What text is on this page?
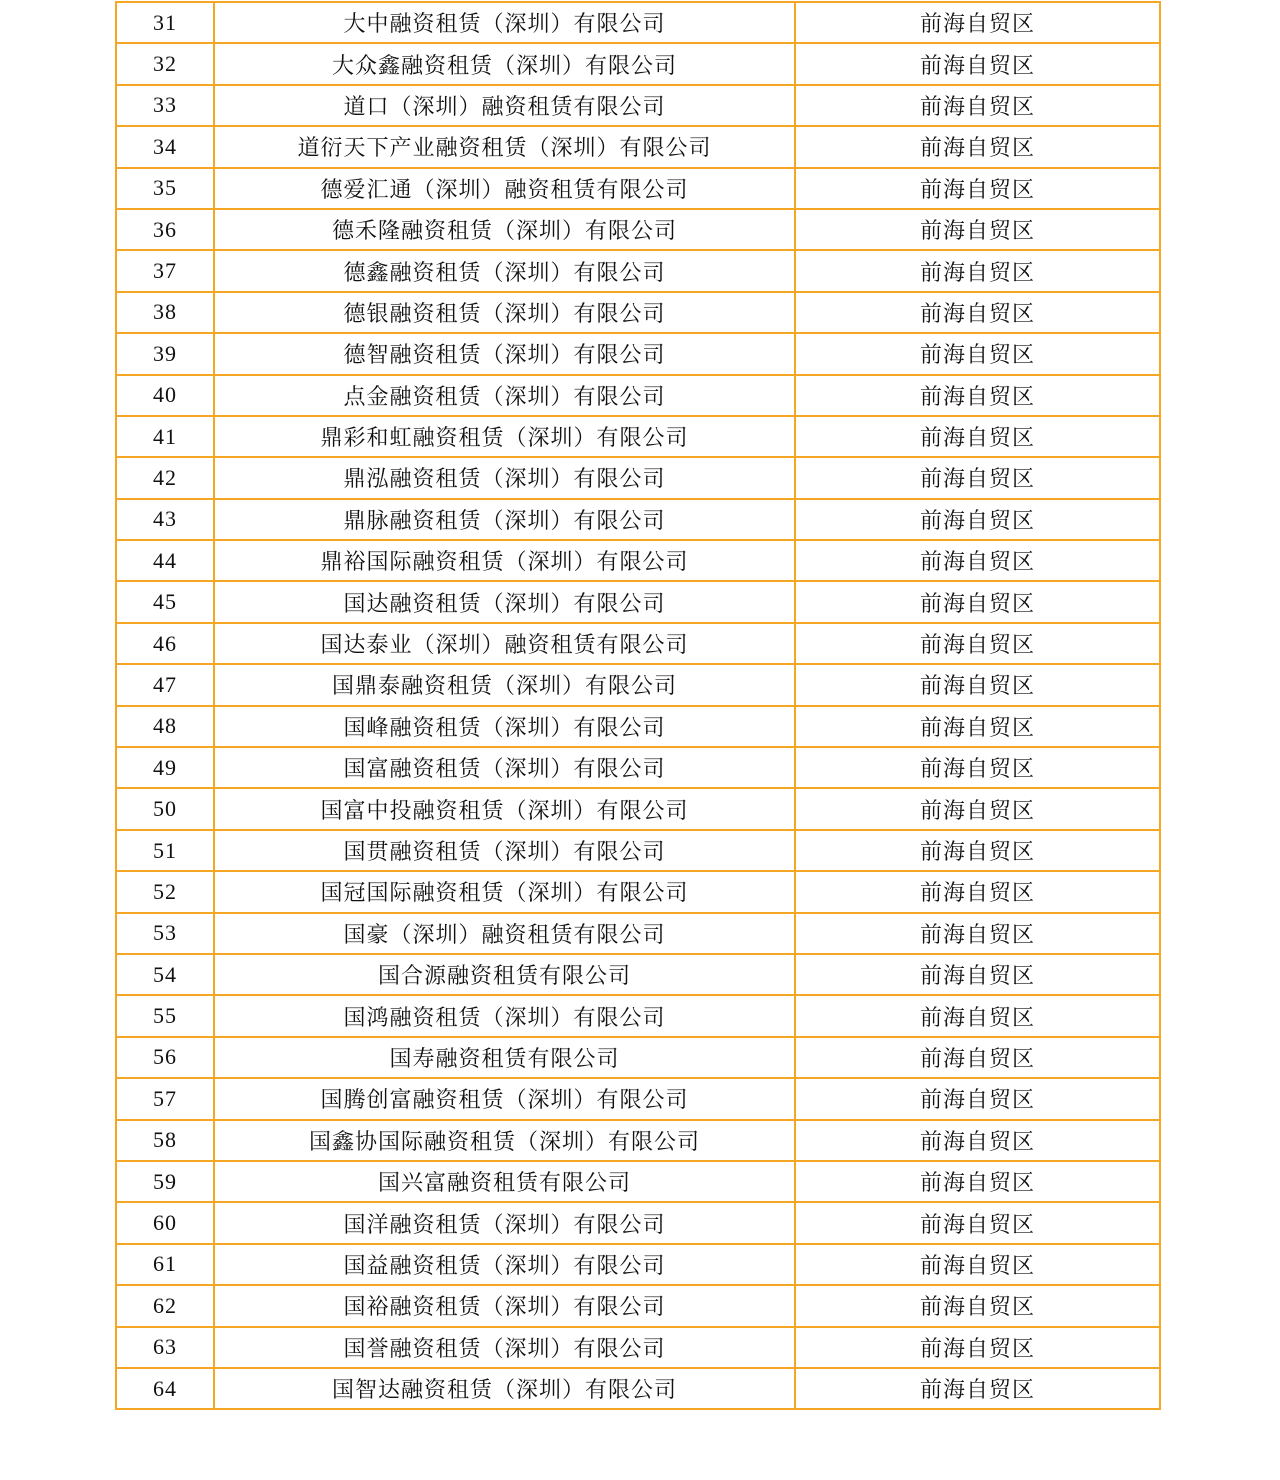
31	大中融资租赁（深圳）有限公司	前海自贸区
32	大众鑫融资租赁（深圳）有限公司	前海自贸区
33	道口（深圳）融资租赁有限公司	前海自贸区
34	道衍天下产业融资租赁（深圳）有限公司	前海自贸区
35	德爱汇通（深圳）融资租赁有限公司	前海自贸区
36	德禾隆融资租赁（深圳）有限公司	前海自贸区
37	德鑫融资租赁（深圳）有限公司	前海自贸区
38	德银融资租赁（深圳）有限公司	前海自贸区
39	德智融资租赁（深圳）有限公司	前海自贸区
40	点金融资租赁（深圳）有限公司	前海自贸区
41	鼎彩和虹融资租赁（深圳）有限公司	前海自贸区
42	鼎泓融资租赁（深圳）有限公司	前海自贸区
43	鼎脉融资租赁（深圳）有限公司	前海自贸区
44	鼎裕国际融资租赁（深圳）有限公司	前海自贸区
45	国达融资租赁（深圳）有限公司	前海自贸区
46	国达泰业（深圳）融资租赁有限公司	前海自贸区
47	国鼎泰融资租赁（深圳）有限公司	前海自贸区
48	国峰融资租赁（深圳）有限公司	前海自贸区
49	国富融资租赁（深圳）有限公司	前海自贸区
50	国富中投融资租赁（深圳）有限公司	前海自贸区
51	国贯融资租赁（深圳）有限公司	前海自贸区
52	国冠国际融资租赁（深圳）有限公司	前海自贸区
53	国豪（深圳）融资租赁有限公司	前海自贸区
54	国合源融资租赁有限公司	前海自贸区
55	国鸿融资租赁（深圳）有限公司	前海自贸区
56	国寿融资租赁有限公司	前海自贸区
57	国腾创富融资租赁（深圳）有限公司	前海自贸区
58	国鑫协国际融资租赁（深圳）有限公司	前海自贸区
59	国兴富融资租赁有限公司	前海自贸区
60	国洋融资租赁（深圳）有限公司	前海自贸区
61	国益融资租赁（深圳）有限公司	前海自贸区
62	国裕融资租赁（深圳）有限公司	前海自贸区
63	国誉融资租赁（深圳）有限公司	前海自贸区
64	国智达融资租赁（深圳）有限公司	前海自贸区
